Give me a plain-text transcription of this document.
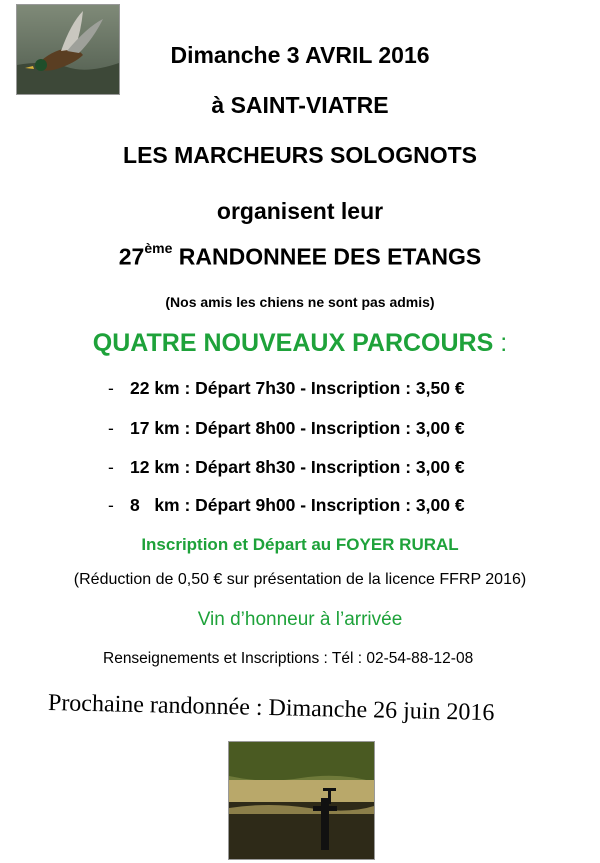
Dimanche 3 AVRIL 2016
à SAINT-VIATRE
LES MARCHEURS SOLOGNOTS
organisent leur
27ème RANDONNEE DES ETANGS
(Nos amis les chiens ne sont pas admis)
QUATRE NOUVEAUX PARCOURS :
- 22 km : Départ 7h30 - Inscription : 3,50 €
- 17 km : Départ 8h00 - Inscription : 3,00 €
- 12 km : Départ 8h30 - Inscription : 3,00 €
- 8   km : Départ 9h00 - Inscription : 3,00 €
Inscription et Départ au FOYER RURAL
(Réduction de 0,50 € sur présentation de la licence FFRP 2016)
Vin d’honneur à l’arrivée
Renseignements et Inscriptions : Tél : 02-54-88-12-08
Prochaine randonnée : Dimanche 26 juin 2016
